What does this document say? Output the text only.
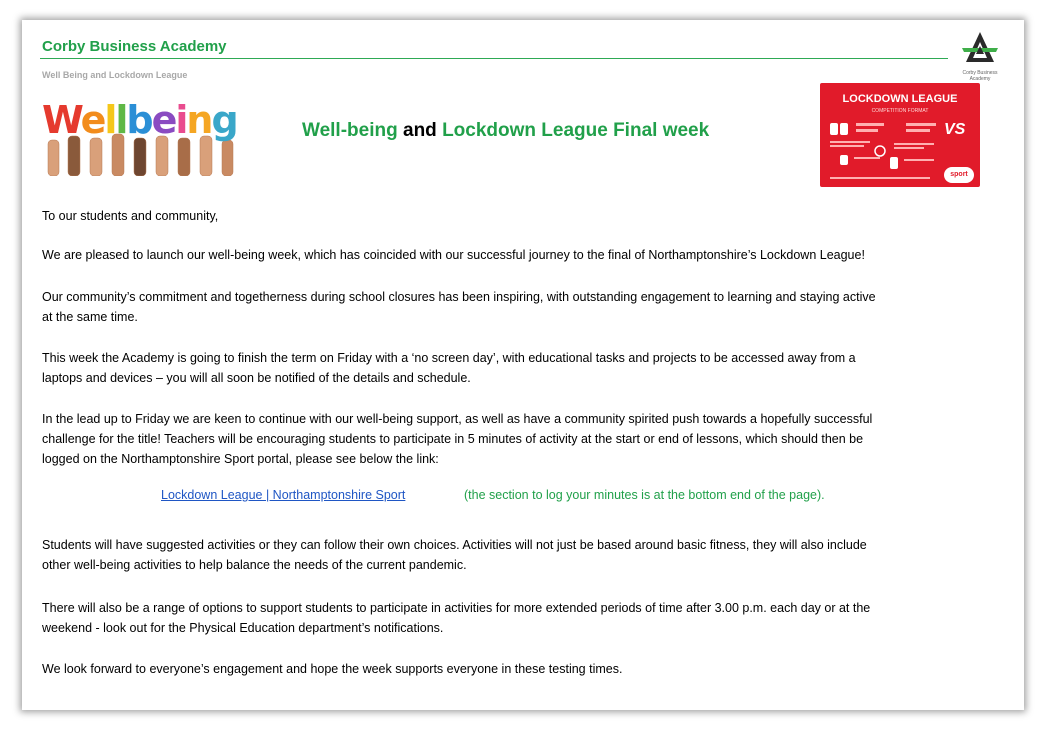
Corby Business Academy
Well Being and Lockdown League	Corby Business Academy
Wellbeing	Well-being and Lockdown League Final week
LOCKDOWN LEAGUE
COMPETITION FORMAT
VS
sport
To our students and community,
We are pleased to launch our well-being week, which has coincided with our successful journey to the final of Northamptonshire’s Lockdown League!
Our community’s commitment and togetherness during school closures has been inspiring, with outstanding engagement to learning and staying active
at the same time.
This week the Academy is going to finish the term on Friday with a ‘no screen day’, with educational tasks and projects to be accessed away from a
laptops and devices – you will all soon be notified of the details and schedule.
In the lead up to Friday we are keen to continue with our well-being support, as well as have a community spirited push towards a hopefully successful
challenge for the title! Teachers will be encouraging students to participate in 5 minutes of activity at the start or end of lessons, which should then be
logged on the Northamptonshire Sport portal, please see below the link:
Lockdown League | Northamptonshire Sport	(the section to log your minutes is at the bottom end of the page).
Students will have suggested activities or they can follow their own choices. Activities will not just be based around basic fitness, they will also include
other well-being activities to help balance the needs of the current pandemic.
There will also be a range of options to support students to participate in activities for more extended periods of time after 3.00 p.m. each day or at the
weekend - look out for the Physical Education department’s notifications.
We look forward to everyone’s engagement and hope the week supports everyone in these testing times.
